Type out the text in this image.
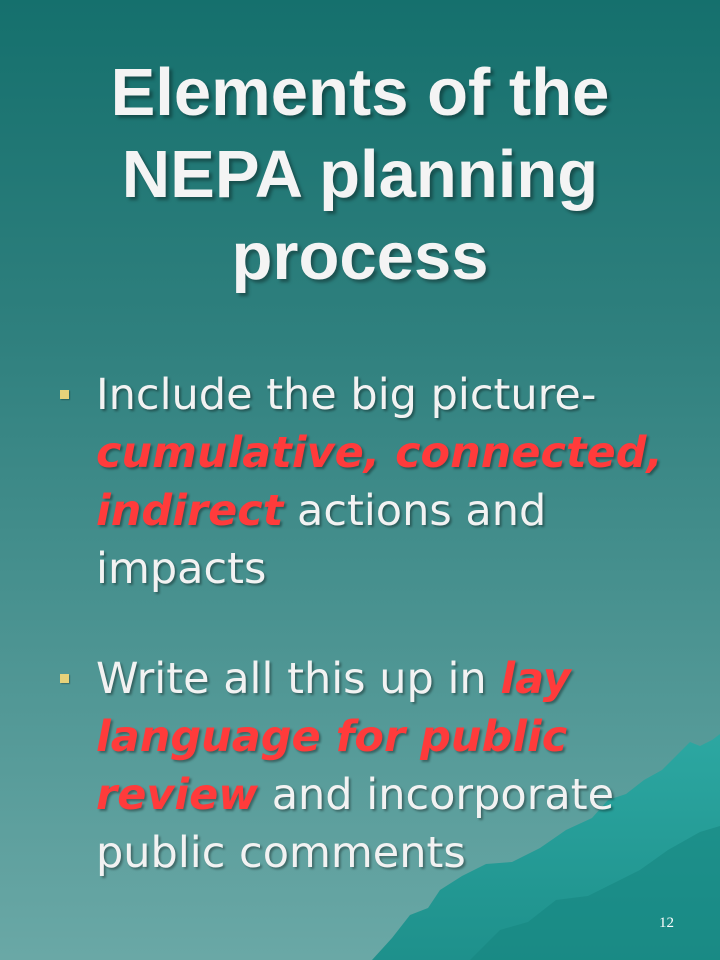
Elements of the NEPA planning process
Include the big picture- cumulative, connected, indirect actions and impacts
Write all this up in lay language for public review and incorporate public comments
12
